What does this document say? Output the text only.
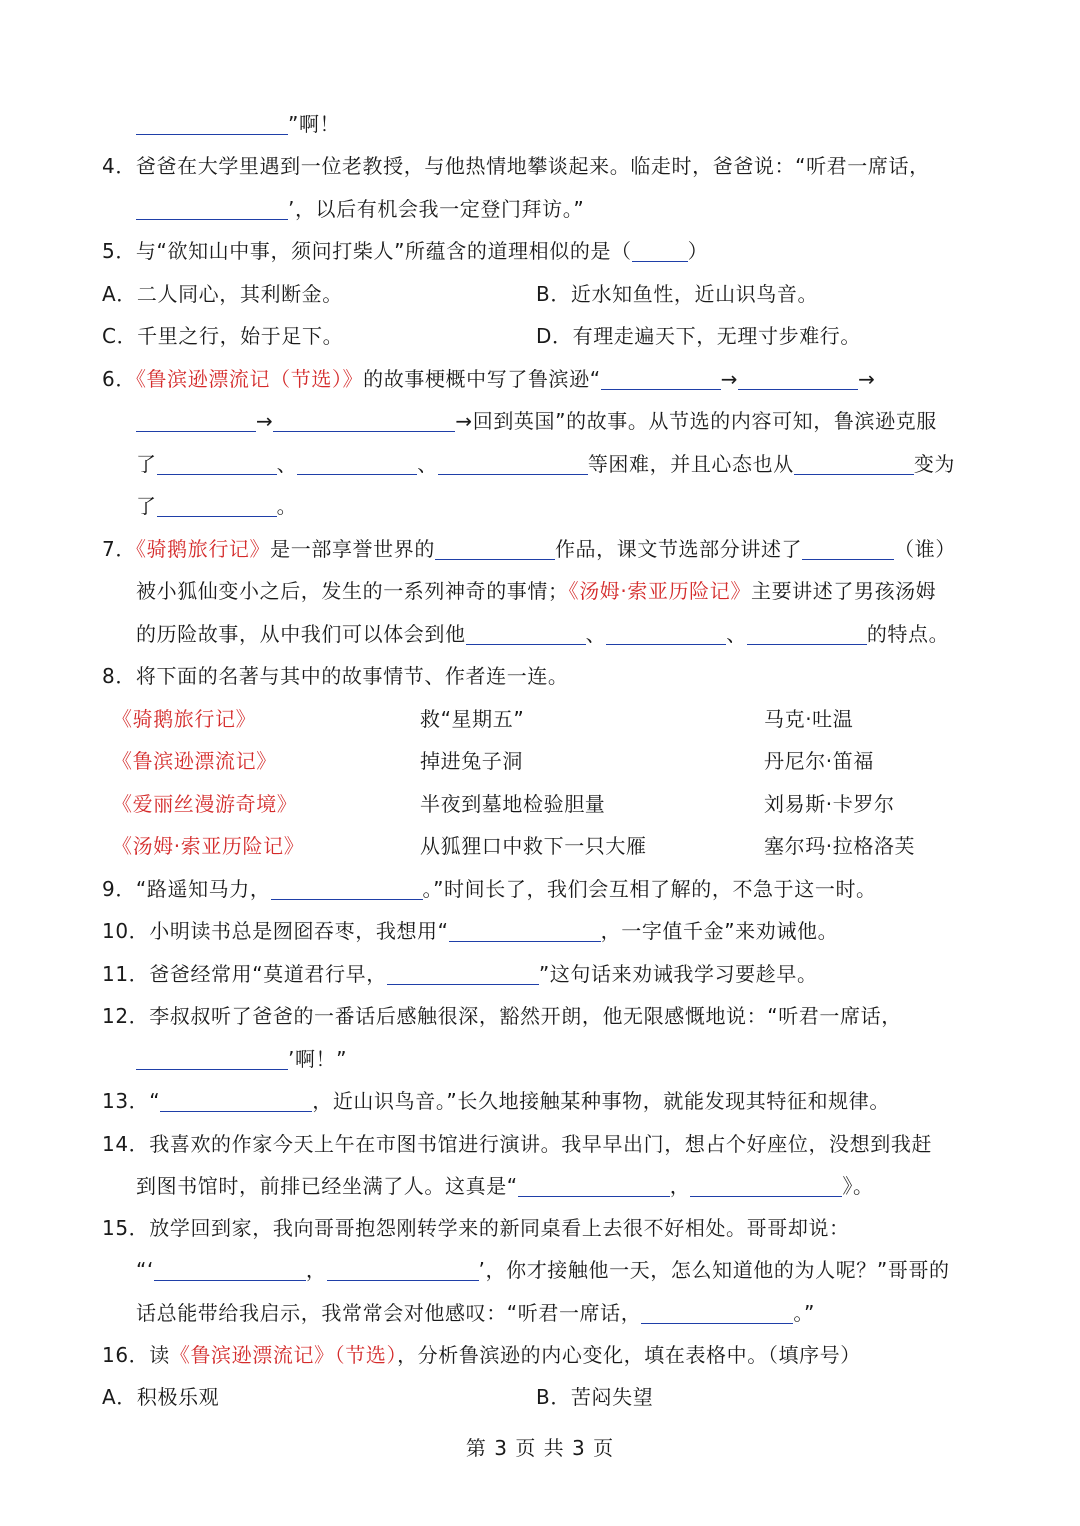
”啊！
4．爸爸在大学里遇到一位老教授，与他热情地攀谈起来。临走时，爸爸说：“听君一席话，
’，以后有机会我一定登门拜访。”
5．与“欲知山中事，须问打柴人”所蕴含的道理相似的是（	）
A．二人同心，其利断金。	B．近水知鱼性，近山识鸟音。
C．千里之行，始于足下。	D．有理走遍天下，无理寸步难行。
6．《鲁滨逊漂流记（节选）》的故事梗概中写了鲁滨逊“	→	→
→	→回到英国”的故事。从节选的内容可知，鲁滨逊克服
了	、	、	等困难，并且心态也从	变为
了	。
7．《骑鹅旅行记》是一部享誉世界的	作品，课文节选部分讲述了	（谁）
被小狐仙变小之后，发生的一系列神奇的事情；《汤姆·索亚历险记》主要讲述了男孩汤姆
的历险故事，从中我们可以体会到他	、	、	的特点。
8．将下面的名著与其中的故事情节、作者连一连。
《骑鹅旅行记》	救“星期五”	马克·吐温
《鲁滨逊漂流记》	掉进兔子洞	丹尼尔·笛福
《爱丽丝漫游奇境》	半夜到墓地检验胆量	刘易斯·卡罗尔
《汤姆·索亚历险记》	从狐狸口中救下一只大雁	塞尔玛·拉格洛芙
9．“路遥知马力，	。”时间长了，我们会互相了解的，不急于这一时。
10．小明读书总是囫囵吞枣，我想用“	，一字值千金”来劝诫他。
11．爸爸经常用“莫道君行早，	”这句话来劝诫我学习要趁早。
12．李叔叔听了爸爸的一番话后感触很深，豁然开朗，他无限感慨地说：“听君一席话，
’啊！”
13．“	，近山识鸟音。”长久地接触某种事物，就能发现其特征和规律。
14．我喜欢的作家今天上午在市图书馆进行演讲。我早早出门，想占个好座位，没想到我赶
到图书馆时，前排已经坐满了人。这真是“	，	》。
15．放学回到家，我向哥哥抱怨刚转学来的新同桌看上去很不好相处。哥哥却说：
“‘	，	’，你才接触他一天，怎么知道他的为人呢？”哥哥的
话总能带给我启示，我常常会对他感叹：“听君一席话，	。”
16．读《鲁滨逊漂流记》（节选），分析鲁滨逊的内心变化，填在表格中。（填序号）
A．积极乐观	B．苦闷失望
第 3 页 共 3 页
